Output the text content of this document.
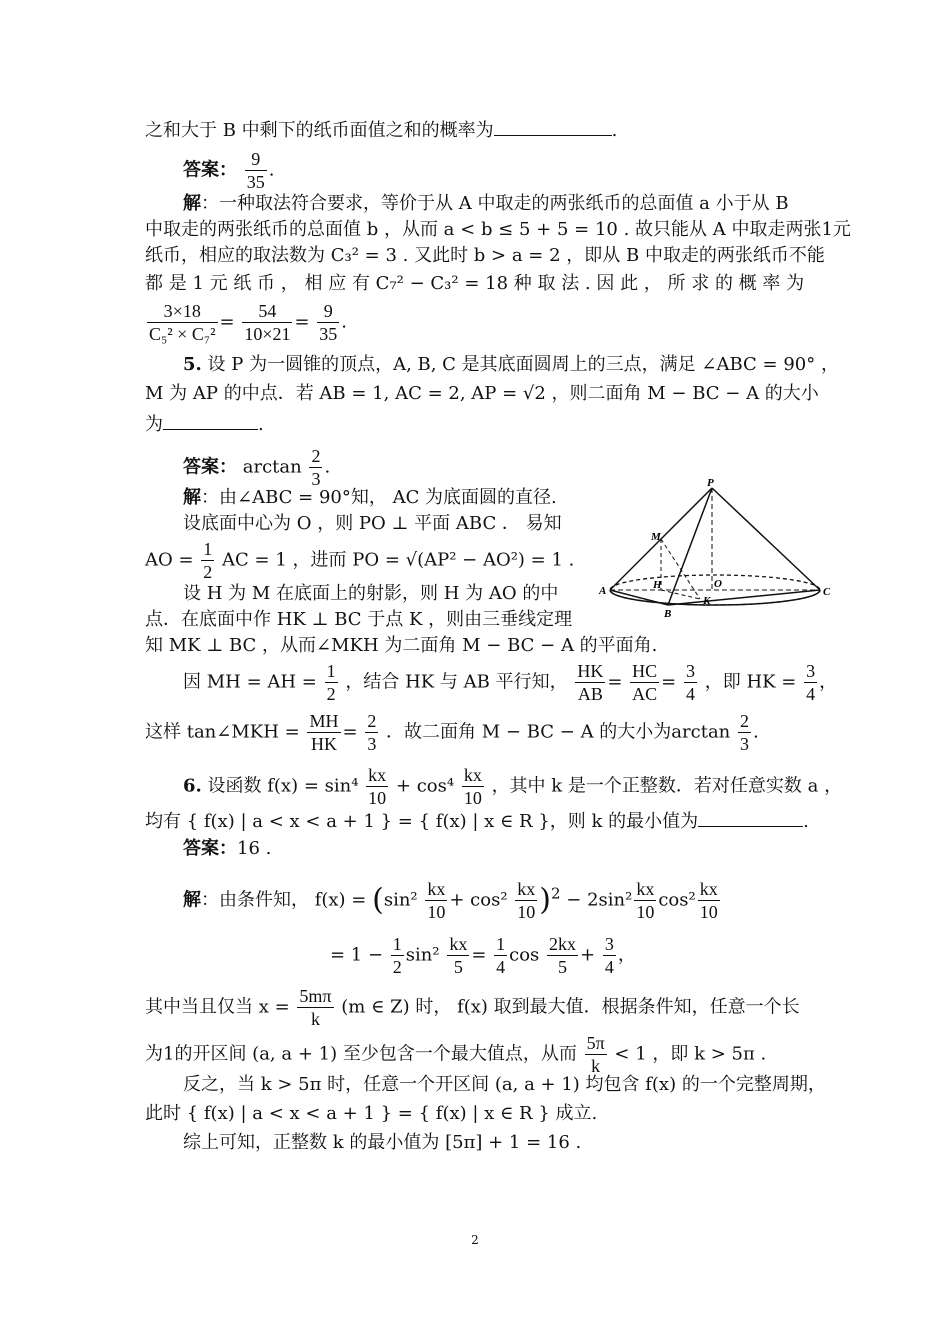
之和大于 B 中剩下的纸币面值之和的概率为	.
答案： $\frac{9}{35}$ .
解：一种取法符合要求，等价于从 A 中取走的两张纸币的总面值 a 小于从 B
中取走的两张纸币的总面值 b ，从而 a < b ≤ 5 + 5 = 10 . 故只能从 A 中取走两张1元
纸币，相应的取法数为 C₃² = 3 . 又此时 b > a = 2 ，即从 B 中取走的两张纸币不能
都 是 1 元 纸 币 ， 相 应 有 C₇² − C₃² = 18 种 取 法 . 因 此 ， 所 求 的 概 率 为
$\frac{3\times 18}{\text{C₅² × C₇²}} = \frac{54}{10\times 21} = \frac{9}{35}$ .
5. 设 P 为一圆锥的顶点，A, B, C 是其底面圆周上的三点，满足 ∠ABC = 90° ，
M 为 AP 的中点．若 AB = 1, AC = 2, AP = √2 ，则二面角 M − BC − A 的大小
为	.
答案： $\arctan \frac{2}{3}$ .
解：由∠ABC = 90°知， AC 为底面圆的直径.
设底面中心为 O ，则 PO ⊥ 平面 ABC ． 易知
AO = $\frac{1}{2}$ AC = 1 ，进而 PO = √(AP² − AO²) = 1 .
设 H 为 M 在底面上的射影，则 H 为 AO 的中
点．在底面中作 HK ⊥ BC 于点 K ，则由三垂线定理
知 MK ⊥ BC ，从而∠MKH 为二面角 M − BC − A 的平面角.
因 MH = AH = $\frac{1}{2}$ ，结合 HK 与 AB 平行知， $\frac{HK}{AB} = \frac{HC}{AC} = \frac{3}{4}$ ，即 HK = $\frac{3}{4}$ ，
这样 tan∠MKH = $\frac{MH}{HK} = \frac{2}{3}$ ．故二面角 M − BC − A 的大小为$\arctan \frac{2}{3}$ .
P
M
A	H	O
K
B
C
6. 设函数 $f(x) = \sin^4 \frac{kx}{10} + \cos^4 \frac{kx}{10}$ ，其中 k 是一个正整数．若对任意实数 a ，
均有 { f(x) | a < x < a + 1 } = { f(x) | x ∈ R }，则 k 的最小值为	.
答案：16 .
解：由条件知， $f(x) = (\sin^2 \frac{kx}{10} + \cos^2 \frac{kx}{10} )^2 - 2\sin^2 \frac{kx}{10} \cos^2 \frac{kx}{10}$
= $1 - \frac{1}{2} \sin^2 \frac{kx}{5} = \frac{1}{4}$ $\cos \frac{2kx}{5} + \frac{3}{4}$ ，
其中当且仅当 $x = \frac{5m\pi}{k} (m$ ∈ Z) 时， f(x) 取到最大值．根据条件知，任意一个长
为1的开区间 (a, a + 1) 至少包含一个最大值点，从而 $\frac{5\pi}{k} < 1$ ，即 k > 5π .
反之，当 k > 5π 时，任意一个开区间 (a, a + 1) 均包含 f(x) 的一个完整周期，
此时 { f(x) | a < x < a + 1 } = { f(x) | x ∈ R } 成立.
综上可知，正整数 k 的最小值为 [5π] + 1 = 16 .
2
